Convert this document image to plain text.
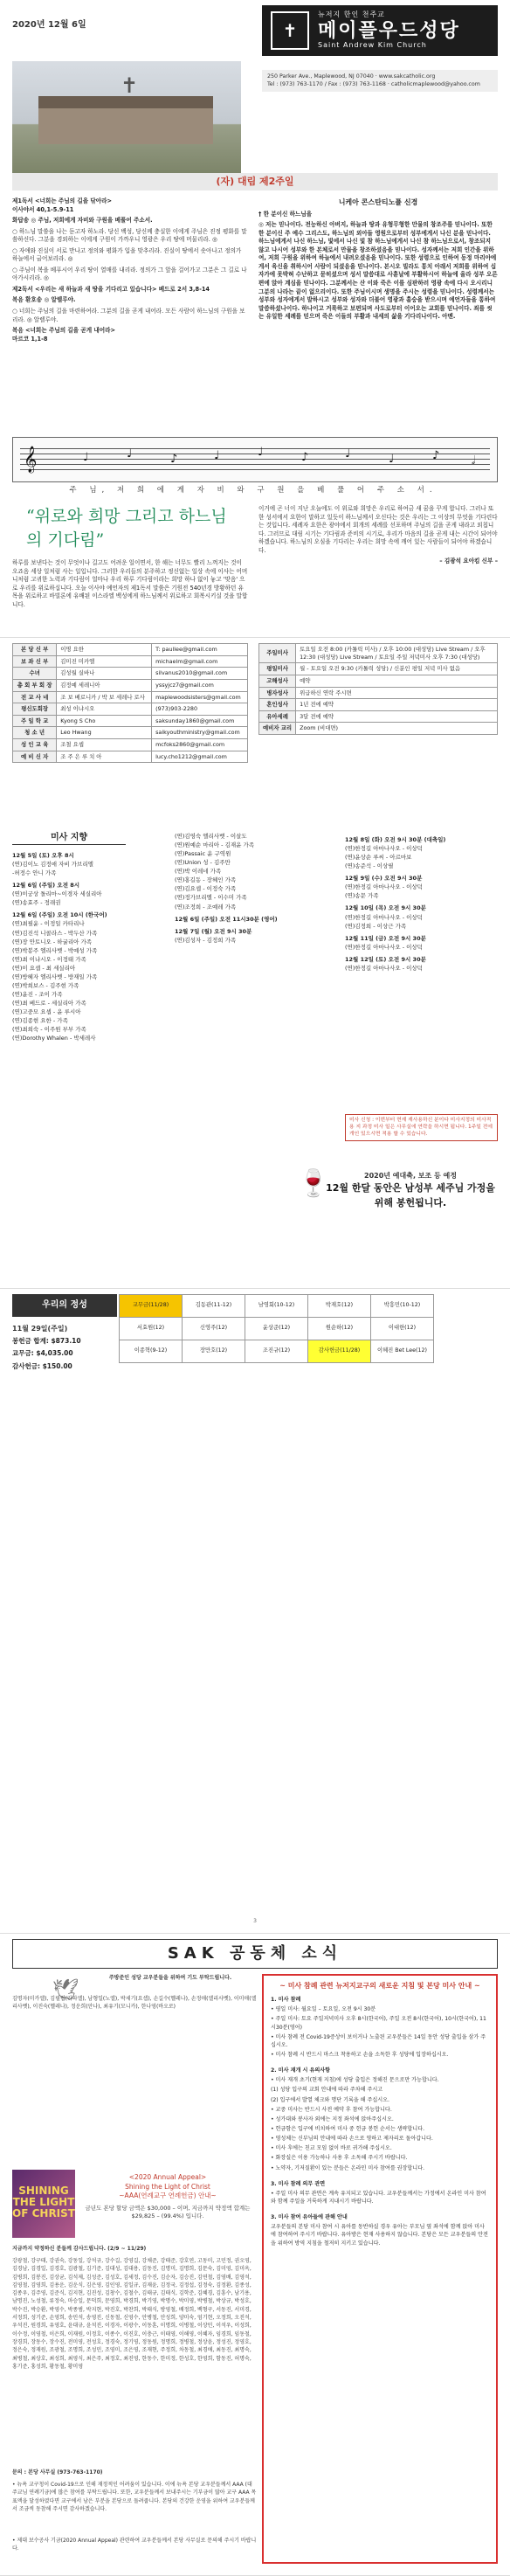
2020년 12월 6일	✝
뉴저지 한인 천주교
메이플우드성당
Saint Andrew Kim Church
✝	250 Parker Ave., Maplewood, NJ 07040 · www.sakcatholic.org
Tel : (973) 763-1170 / Fax : (973) 763-1168 · catholicmaplewood@yahoo.com
(자) 대림 제2주일

제1독서 <너희는 주님의 길을 닦아라>
이사야서 40,1-5.9-11

화답송 ◎ 주님, 저희에게 자비와 구원을 베풀어 주소서.

○ 하느님 말씀을 나는 듣고자 하노라. 당신 백성, 당신께 충실한 이에게 주님은 진정 평화를 말씀하신다. 그분을 경외하는 이에게 구원이 가까우니 영광은 우리 땅에 머물리라. ◎

○ 자애와 진실이 서로 만나고 정의와 평화가 입을 맞추리라. 진실이 땅에서 솟아나고 정의가 하늘에서 굽어보리라. ◎

○ 주님이 복을 베푸시어 우리 땅이 열매를 내리라. 정의가 그 앞을 걸어가고 그분은 그 길로 나아가시리라. ◎

제2독서 <우리는 새 하늘과 새 땅을 기다리고 있습니다> 베드로 2서 3,8-14

복음 환호송 ◎ 알렐루야.

○ 너희는 주님의 길을 마련하여라. 그분의 길을 곧게 내어라. 모든 사람이 하느님의 구원을 보리라. ◎ 알렐루야.

복음 <너희는 주님의 길을 곧게 내어라>
마르코 1,1-8

니케아 콘스탄티노플 신경

† 한 분이신 하느님을

◎ 저는 믿나이다. 전능하신 아버지, 하늘과 땅과 유형무형한 만물의 창조주를 믿나이다. 또한 한 분이신 주 예수 그리스도, 하느님의 외아들 영원으로부터 성부에게서 나신 분을 믿나이다. 하느님에게서 나신 하느님, 빛에서 나신 빛 참 하느님에게서 나신 참 하느님으로서, 창조되지 않고 나시어 성부와 한 본체로서 만물을 창조하셨음을 믿나이다. 성자께서는 저희 인간을 위하여, 저희 구원을 위하여 하늘에서 내려오셨음을 믿나이다. 또한 성령으로 인하여 동정 마리아에게서 육신을 취하시어 사람이 되셨음을 믿나이다. 본시오 빌라도 통치 아래서 저희를 위하여 십자가에 못박혀 수난하고 묻히셨으며 성서 말씀대로 사흗날에 부활하시어 하늘에 올라 성부 오른편에 앉아 계심을 믿나이다. 그분께서는 산 이와 죽은 이를 심판하러 영광 속에 다시 오시리니 그분의 나라는 끝이 없으리이다. 또한 주님이시며 생명을 주시는 성령을 믿나이다. 성령께서는 성부와 성자에게서 발하시고 성부와 성자와 더불어 영광과 흠숭을 받으시며 예언자들을 통하여 말씀하셨나이다. 하나이고 거룩하고 보편되며 사도로부터 이어오는 교회를 믿나이다. 죄를 씻는 유일한 세례를 믿으며 죽은 이들의 부활과 내세의 삶을 기다리나이다. 아멘.

𝄞	♩	♩	♪	♩	♩	♪	♩	♩	♪	𝅗𝅥
주 님, 저 희 에 게 자 비 와 구 원 을 베 풀 어 주 소 서.
“위로와 희망 그리고 하느님의 기다림”

하루를 보낸다는 것이 무엇이나 길고도 어려운 일이면서, 한 해는 너무도 빨리 느껴지는 것이 오죠음 세상 일처럼 사는 일입니다. 그러한 우리들의 분주하고 정신없는 일상 속에 이사는 어머니처럼 고귀한 노력과 기다림이 얼마나 우리 하루 기다림이라는 희망 하나 없이 놓고 '맞음' 으로 우리를 위로하십니다. 오늘 이사야 예언자의 제1독서 말씀은 기원전 540년경 방황하던 유목을 위로하고 바빌론에 유배된 이스라엘 백성에게 하느님께서 위로하고 회복시키실 것을 말합니다.

이거에 곤 너이 지난 오늘에도 이 위로와 희망은 우리로 하여금 새 꿈을 꾸게 합니다. 그러나 또한 성서에서 요한이 말하고 있듯이 하느님께서 오신다는 것은 우리는 그 이상의 무엇을 기다린다는 것입니다. 세례자 요한은 광야에서 회개의 세례를 선포하며 주님의 길을 곧게 내라고 외칩니다. 그러므로 대림 시기는 기다림과 준비의 시기로, 우리가 마음의 길을 곧게 내는 시간이 되어야 하겠습니다. 하느님의 오심을 기다리는 우리는 희망 속에 깨어 있는 사람들이 되어야 하겠습니다.

– 김광석 요아킴 신부 –

본 당 신 부	이명 요한	T: paullee@gmail.com
보 좌 신 부	김미진 미카엘	michaelm@gmail.com
수녀	김성월 실바나	silvanus2010@gmail.com
총 회 부 회 장	김정예 세레니아	yssyjcz7@gmail.com
전 교 사 네	조 보 베로니카 / 박 보 세레나 로사	maplewoodsisters@gmail.com
평신도회장	최성 이냐시오	(973)903-2280
주 일 학 교	Kyong S Cho	saksunday1860@gmail.com
청 소 년	Leo Hwang	saikyouthministry@gmail.com
성 인 교 육	조철 요셉	mcfoks2860@gmail.com
예 비 신 자	조 주 은 루 치 아	lucy.cho1212@gmail.com
주일미사	토요일 오전 8:00 (카톨릭 미사) / 오후 10:00 (대성당) Live Stream / 오후 12:30 (대성당) Live Stream / 토요일 주일 저녁미사 오후 7:30 (대성당)
평일미사	월 - 토요일 오전 9:30 (카톨릭 성당) / 신분인 평일 저녁 미사 없음
고해성사	예약
병자성사	위급하신 연락 주시면
혼인성사	1년 전에 예약
유아세례	3달 전에 예약
예비자 교리	Zoom (비대면)
미사 지향
12월 5일 (토) 오후 8시
(연)김이노 김정애 자비 가브리엘
-허정수 안니 가족
12월 6일 (주일) 오전 8시
(연)이궁상 돌리마~이경자 세실리아
(연)송효주 - 정래권
12월 6일 (주일) 오전 10시 (한국어)
(연)최필윤 - 이정일 카타리나
(연)김진석 니콜라스 - 박두산 가족
(연)장 안토니오 - 하굴리아 가족
(연)박봉주 엘리사벳 - 박예성 가족
(연)최 이냐시오 - 이정태 가족
(연)이 요셉 - 최 세실리아
(연)방혜자 엘리사벳 - 방재일 가족
(연)박희보스 - 김주현 가족
(연)윤진 - 조이 가족
(연)최 베드로 - 세실리아 가족
(연)고중모 요셉 - 윤 루시아
(연)김종현 요한 - 가족
(연)최희숙 - 이주원 부부 가족
(연)Dorothy Whalen - 박세레사
(연)김영숙 엘리사벳 - 이살도
(연)원예순 마리아 - 김재윤 가족
(연)Passaic 윤 구역원
(연)Union 성 - 김주만
(연)박 이레네 가족
(연)홍길동 - 장혜인 가족
(연)김요셉 - 이정숙 가족
(연)정가브리엘 - 이수미 가족
(연)조정희 - 조예레 가족
12월 6일 (주일) 오전 11시30분 (영어)
12월 7일 (월) 오전 9시 30분
(연)김성자 - 김정희 가족
12월 8일 (화) 오전 9시 30분 (대축일)
(연)한정길 아마나사오 - 이상덕
(연)윤상순 루씨 - 아르마보
(연)송준석 - 이상필
12월 9일 (수) 오전 9시 30분
(연)한정길 아마나사오 - 이상덕
(연)송문 가족
12월 10일 (목) 오전 9시 30분
(연)한정길 아마나사오 - 이상덕
(연)김정희 - 이상근 가족
12월 11일 (금) 오전 9시 30분
(연)한정길 아마나사오 - 이상덕
12월 12일 (토) 오전 9시 30분
(연)한정길 아마나사오 - 이상덕
미사 신청 : 이번부터 현재 재사용하신 분이다 미사지정의 미사적용 지 과정 미사 일은 사무실에 연락을 하시면 됩니다. 1주일 전에 개인 있으시면 적용 할 수 있습니다.
🍷	2020년 예대축, 보조 등 예정
12월 한달 동안은 남성부 세주님 가정을 위해 봉헌됩니다.
우리의 정성	교무금(11/28)	김동관(11-12)	남영회(10-12)	박재호(12)	박흥민(10-12)
서효원(12)	신영주(12)	윤상준(12)	원순하(12)	이대한(12)
이종혁(9-12)	장만호(12)	조진규(12)	감사헌금(11/28)	이혜진 Bet Lee(12)
11월 29일(주일)
봉헌금 합계: $873.10
교무금: $4,035.00
감사헌금: $150.00
3
SAK 공동체 소식
🕊	주방준인 성당 교우분들을 위하여 기도 부탁드립니다.
김명자(미카엘), 김필립(라파엘), 남형일(노엘), 박세기(요셉), 손길수(헬레나), 손정애(엘리사벳), 이미애(엘리사벳), 이진숙(헬레나), 정운희(안나), 최유기(모니카), 한나영(바오로)
SHINING THE LIGHT OF CHRIST
<2020 Annual Appeal>
Shining the Light of Christ
~AAA(연례교구 연례헌금) 안내~
금년도 본당 할당 금액은 $30,000 – 이며, 지금까지 약정액 합계는 $29,825 – (99.4%) 입니다.
지금까지 약정하신 분들께 감사드립니다. (2/9 ~ 11/29)
강광철, 강구태, 강권숙, 강동일, 강석규, 강수길, 강영길, 강채준, 강태준, 강호연, 고동미, 고민정, 권오영, 김경남, 김경일, 김경호, 김광철, 김기준, 김대성, 김대용, 김동진, 김명미, 김명희, 김문숙, 김미영, 김미옥, 김병희, 김봉진, 김상균, 김석제, 김성준, 김성호, 김세정, 김수진, 김순자, 김승진, 김연철, 김영배, 김영석, 김영철, 김영희, 김용운, 김운식, 김은영, 김인영, 김일규, 김재윤, 김정국, 김정섭, 김정숙, 김정환, 김종성, 김종우, 김주영, 김준식, 김지현, 김진성, 김창수, 김철수, 김태규, 김태식, 김학준, 김혜경, 김흥수, 남기용, 남명진, 노성철, 류정숙, 마승일, 문덕희, 문영희, 박경희, 박기영, 박명수, 박미영, 박병철, 박상규, 박성호, 박수진, 박승환, 박영수, 박종범, 박지현, 박진호, 박찬희, 박태식, 방영철, 배정희, 백형구, 서동진, 서미경, 서정희, 성기준, 손영희, 송민석, 송영진, 신동철, 신영수, 안병철, 안성희, 양미숙, 엄기현, 오정희, 오진석, 우석진, 원경희, 유영호, 윤대규, 윤석진, 이경자, 이광수, 이동훈, 이명희, 이병철, 이상민, 이석우, 이성희, 이수정, 이영철, 이은희, 이재원, 이정호, 이종수, 이진호, 이충근, 이태영, 이해영, 이혜자, 임경희, 임동철, 장경희, 장동수, 장수진, 전미영, 전성호, 정경숙, 정기영, 정동원, 정명희, 정병철, 정상윤, 정성진, 정영호, 정은숙, 정재원, 조광철, 조명희, 조성민, 조영미, 조은영, 조재현, 주정희, 차동철, 최경애, 최동진, 최명숙, 최병철, 최상호, 최성희, 최영식, 최은주, 최정호, 최진영, 한동수, 한미정, 한성호, 한영희, 함동진, 허명숙, 홍기준, 홍성희, 황동철, 황미영
문의 : 본당 사무실 (973-763-1170)
• 뉴욕 교구청이 Covid-19으로 인해 재정적인 어려움이 있습니다. 이에 뉴욕 본당 교우분들께서 AAA (대주교님 연례기금)에 많은 참여를 부탁드립니다. 또한, 교우분들께서 보내주시는 기부금이 많아 교구 AAA 목표액을 달성하였다면 교구에서 남은 부분을 본당으로 돌려줍니다. 본당의 건강한 운영을 위하여 교우분들께서 조금씩 동참해 주시면 감사하겠습니다.
• 제대 보수공사 기금(2020 Annual Appeal) 관련하여 교우분들께서 본당 사무실로 문의해 주시기 바랍니다.
~ 미사 참례 관련 뉴저지교구의 새로운 지침 및 본당 미사 안내 ~

1. 미사 참례

• 평일 미사: 월요일 – 토요일, 오전 9시 30분

• 주일 미사: 토요 주일저녁미사 오후 8시(한국어), 주일 오전 8시(한국어), 10시(한국어), 11시30분(영어)

• 미사 참례 전 Covid-19증상이 보이거나 노출된 교우분들은 14일 동안 성당 출입을 삼가 주십시오.

• 미사 참례 시 반드시 마스크 착용하고 손을 소독한 후 성당에 입장하십시오.

2. 미사 재개 시 유의사항

• 미사 재개 초기(현재 지침)에 성당 출입은 정해진 문으로만 가능합니다.

(1) 성당 입구의 교회 안내에 따라 주차해 주시고

(2) 입구에서 발열 체크와 명단 기록을 해 주십시오.

• 교중 미사는 반드시 사전 예약 후 참여 가능합니다.

• 성가대와 봉사자 외에는 지정 좌석에 앉아주십시오.

• 헌금함은 입구에 비치하여 미사 중 헌금 봉헌 순서는 생략합니다.

• 영성체는 신부님의 안내에 따라 손으로 영하고 제자리로 돌아갑니다.

• 미사 후에는 친교 모임 없이 바로 귀가해 주십시오.

• 화장실은 이용 가능하나 사용 후 소독해 주시기 바랍니다.

• 노약자, 기저질환이 있는 분들은 온라인 미사 참여를 권장합니다.

3. 미사 참례 의무 관면

• 주일 미사 의무 관면은 계속 유지되고 있습니다. 교우분들께서는 가정에서 온라인 미사 참여와 함께 주일을 거룩하게 지내시기 바랍니다.

3. 미사 참여 유아들에 관해 안내

교우분들의 본당 미사 참여 시 유아를 동반하실 경우 유아는 부모님 옆 좌석에 함께 앉아 미사에 참여하여 주시기 바랍니다. 유아방은 현재 사용하지 않습니다. 본당은 모든 교우분들의 안전을 위하여 방역 지침을 철저히 지키고 있습니다.
